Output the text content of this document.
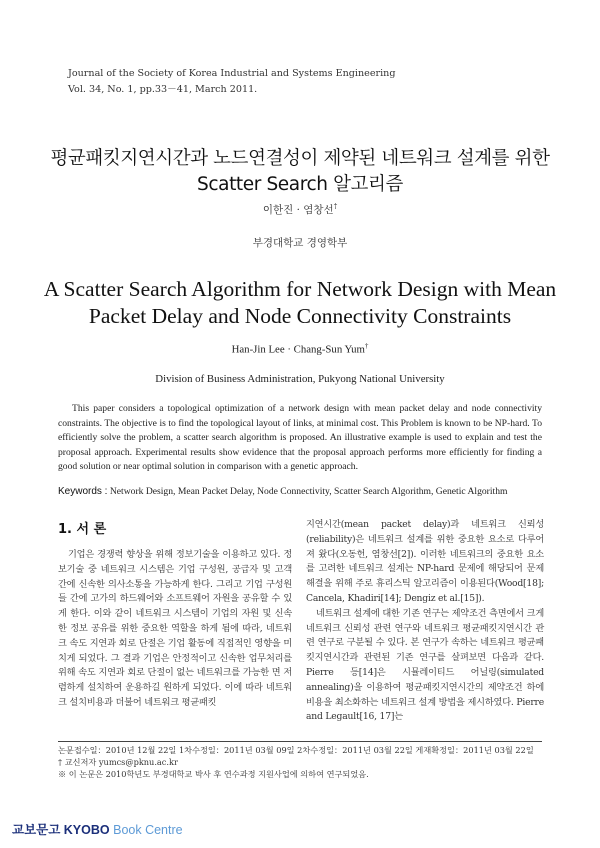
Journal of the Society of Korea Industrial and Systems Engineering
Vol. 34, No. 1, pp.33－41, March 2011.
평균패킷지연시간과 노드연결성이 제약된 네트워크 설계를 위한
Scatter Search 알고리즘
이한진 · 염창선†
부경대학교 경영학부
A Scatter Search Algorithm for Network Design with Mean
Packet Delay and Node Connectivity Constraints
Han-Jin Lee · Chang-Sun Yum†
Division of Business Administration, Pukyong National University
This paper considers a topological optimization of a network design with mean packet delay and node connectivity constraints. The objective is to find the topological layout of links, at minimal cost. This Problem is known to be NP-hard. To efficiently solve the problem, a scatter search algorithm is proposed. An illustrative example is used to explain and test the proposal approach. Experimental results show evidence that the proposal approach performs more efficiently for finding a good solution or near optimal solution in comparison with a genetic approach.
Keywords : Network Design, Mean Packet Delay, Node Connectivity, Scatter Search Algorithm, Genetic Algorithm
1. 서 론
기업은 경쟁력 향상을 위해 정보기술을 이용하고 있다. 정보기술 중 네트워크 시스템은 기업 구성원, 공급자 및 고객 간에 신속한 의사소통을 가능하게 한다. 그리고 기업 구성원들 간에 고가의 하드웨어와 소프트웨어 자원을 공유할 수 있게 한다. 이와 같이 네트워크 시스템이 기업의 자원 및 신속한 정보 공유를 위한 중요한 역할을 하게 됨에 따라, 네트워크 속도 지연과 회로 단절은 기업 활동에 직접적인 영향을 미치게 되었다. 그 결과 기업은 안정적이고 신속한 업무처리를 위해 속도 지연과 회로 단절이 없는 네트워크를 가능한 면 저렴하게 설치하여 운용하길 원하게 되었다. 이에 따라 네트워크 설치비용과 더불어 네트워크 평균패킷

지연시간(mean packet delay)과 네트워크 신뢰성(reliability)은 네트워크 설계를 위한 중요한 요소로 다루어져 왔다(오동헌, 염창선[2]). 이러한 네트워크의 중요한 요소를 고려한 네트워크 설계는 NP-hard 문제에 해당되어 문제 해결을 위해 주로 휴리스틱 알고리즘이 이용된다(Wood[18]; Cancela, Khadiri[14]; Dengiz et al.[15]).

네트워크 설계에 대한 기존 연구는 제약조건 측면에서 크게 네트워크 신뢰성 관련 연구와 네트워크 평균패킷지연시간 관련 연구로 구분될 수 있다. 본 연구가 속하는 네트워크 평균패킷지연시간과 관련된 기존 연구를 살펴보면 다음과 같다. Pierre 등[14]은 시뮬레이티드 어닐링(simulated annealing)을 이용하여 평균패킷지연시간의 제약조건 하에 비용을 최소화하는 네트워크 설계 방법을 제시하였다. Pierre and Legault[16, 17]는

논문접수일：2010년 12월 22일 1차수정일：2011년 03월 09일 2차수정일：2011년 03월 22일 게재확정일：2011년 03월 22일
† 교신저자 yumcs@pknu.ac.kr
※ 이 논문은 2010학년도 부경대학교 박사 후 연수과정 지원사업에 의하여 연구되었음.
교보문고 KYOBO Book Centre
